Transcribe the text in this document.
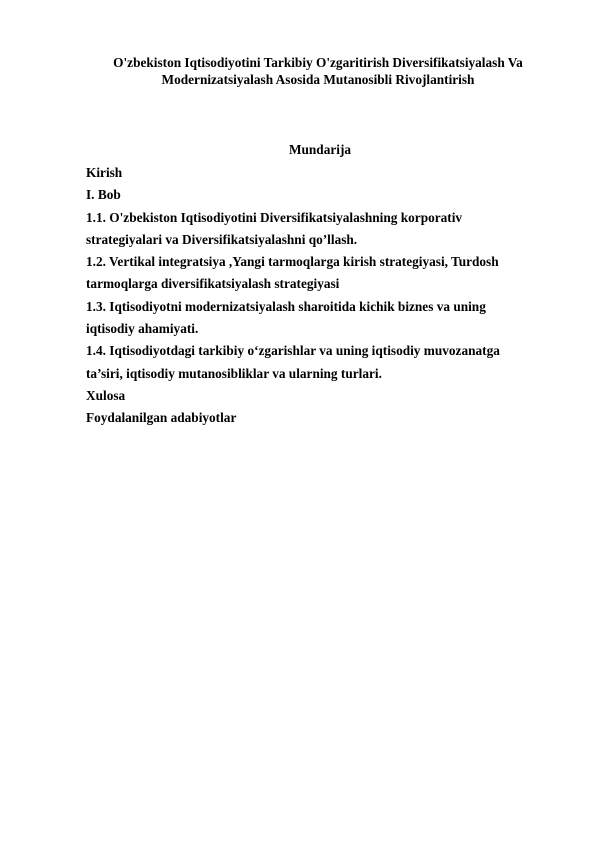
O'zbekiston Iqtisodiyotini Tarkibiy O'zgaritirish Diversifikatsiyalash Va
Modernizatsiyalash Asosida Mutanosibli Rivojlantirish
Mundarija
Kirish
I. Bob
1.1. O'zbekiston Iqtisodiyotini Diversifikatsiyalashning korporativ
strategiyalari va Diversifikatsiyalashni qo’llash.
1.2. Vertikal integratsiya ,Yangi tarmoqlarga kirish strategiyasi, Turdosh
tarmoqlarga diversifikatsiyalash strategiyasi
1.3. Iqtisodiyotni modernizatsiyalash sharoitida kichik biznes va uning
iqtisodiy ahamiyati.
1.4. Iqtisodiyotdagi tarkibiy o‘zgarishlar va uning iqtisodiy muvozanatga
ta’siri, iqtisodiy mutanosibliklar va ularning turlari.
Xulosa
Foydalanilgan adabiyotlar
